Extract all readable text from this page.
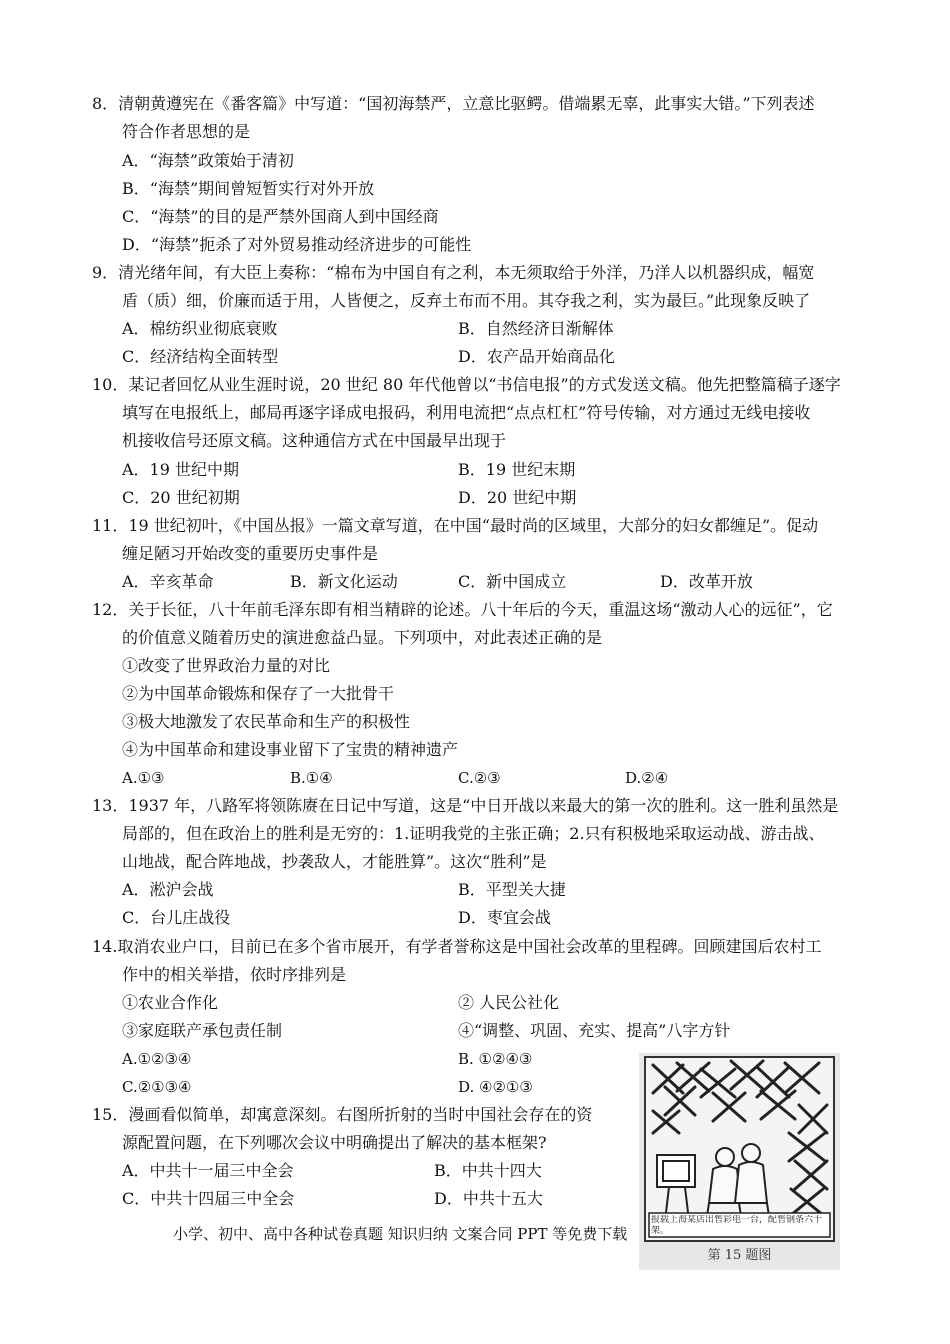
8．清朝黄遵宪在《番客篇》中写道：“国初海禁严，立意比驱鳄。借端累无辜，此事实大错。”下列表述
符合作者思想的是
A．“海禁”政策始于清初
B．“海禁”期间曾短暂实行对外开放
C．“海禁”的目的是严禁外国商人到中国经商
D．“海禁”扼杀了对外贸易推动经济进步的可能性
9．清光绪年间，有大臣上奏称：“棉布为中国自有之利，本无须取给于外洋，乃洋人以机器织成，幅宽
盾（质）细，价廉而适于用，人皆便之，反弃土布而不用。其夺我之利，实为最巨。”此现象反映了
A．棉纺织业彻底衰败	B．自然经济日渐解体
C．经济结构全面转型	D．农产品开始商品化
10．某记者回忆从业生涯时说，20 世纪 80 年代他曾以“书信电报”的方式发送文稿。他先把整篇稿子逐字
填写在电报纸上，邮局再逐字译成电报码，利用电流把“点点杠杠”符号传输，对方通过无线电接收
机接收信号还原文稿。这种通信方式在中国最早出现于
A．19 世纪中期	B．19 世纪末期
C．20 世纪初期	D．20 世纪中期
11．19 世纪初叶，《中国丛报》一篇文章写道，在中国“最时尚的区域里，大部分的妇女都缠足”。促动
缠足陋习开始改变的重要历史事件是
A．辛亥革命	B．新文化运动	C．新中国成立	D．改革开放
12．关于长征，八十年前毛泽东即有相当精辟的论述。八十年后的今天，重温这场“激动人心的远征”，它
的价值意义随着历史的演进愈益凸显。下列项中，对此表述正确的是
①改变了世界政治力量的对比
②为中国革命锻炼和保存了一大批骨干
③极大地激发了农民革命和生产的积极性
④为中国革命和建设事业留下了宝贵的精神遗产
A.①③	B.①④	C.②③	D.②④
13．1937 年，八路军将领陈赓在日记中写道，这是“中日开战以来最大的第一次的胜利。这一胜利虽然是
局部的，但在政治上的胜利是无穷的：1.证明我党的主张正确；2.只有积极地采取运动战、游击战、
山地战，配合阵地战，抄袭敌人，才能胜算”。这次“胜利”是
A．淞沪会战	B．平型关大捷
C．台儿庄战役	D．枣宜会战
14.取消农业户口，目前已在多个省市展开，有学者誉称这是中国社会改革的里程碑。回顾建国后农村工
作中的相关举措，依时序排列是
①农业合作化	② 人民公社化
③家庭联产承包责任制	④“调整、巩固、充实、提高”八字方针
A.①②③④	B. ①②④③
C.②①③④	D. ④②①③
15．漫画看似简单，却寓意深刻。右图所折射的当时中国社会存在的资
源配置问题，在下列哪次会议中明确提出了解决的基本框架?
A．中共十一届三中全会	B．中共十四大
C．中共十四届三中全会	D．中共十五大
小学、初中、高中各种试卷真题 知识归纳 文案合同 PPT 等免费下载
报载上海某店出售彩电一台，配售钢条六十架。
第 15 题图
